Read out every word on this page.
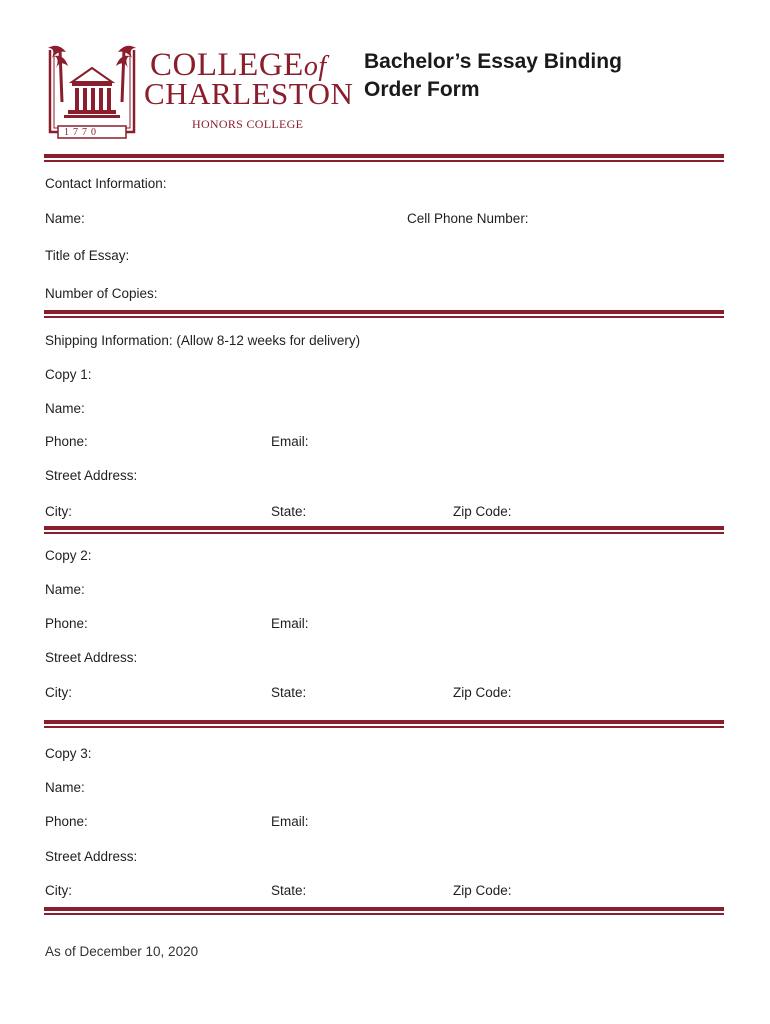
1770
COLLEGEof
CHARLESTON
HONORS COLLEGE
Bachelor’s Essay Binding
Order Form
Contact Information:
Name:	Cell Phone Number:
Title of Essay:
Number of Copies:
Shipping Information: (Allow 8-12 weeks for delivery)
Copy 1:
Name:
Phone:	Email:
Street Address:
City:	State:	Zip Code:
Copy 2:
Name:
Phone:	Email:
Street Address:
City:	State:	Zip Code:
Copy 3:
Name:
Phone:	Email:
Street Address:
City:	State:	Zip Code:
As of December 10, 2020
